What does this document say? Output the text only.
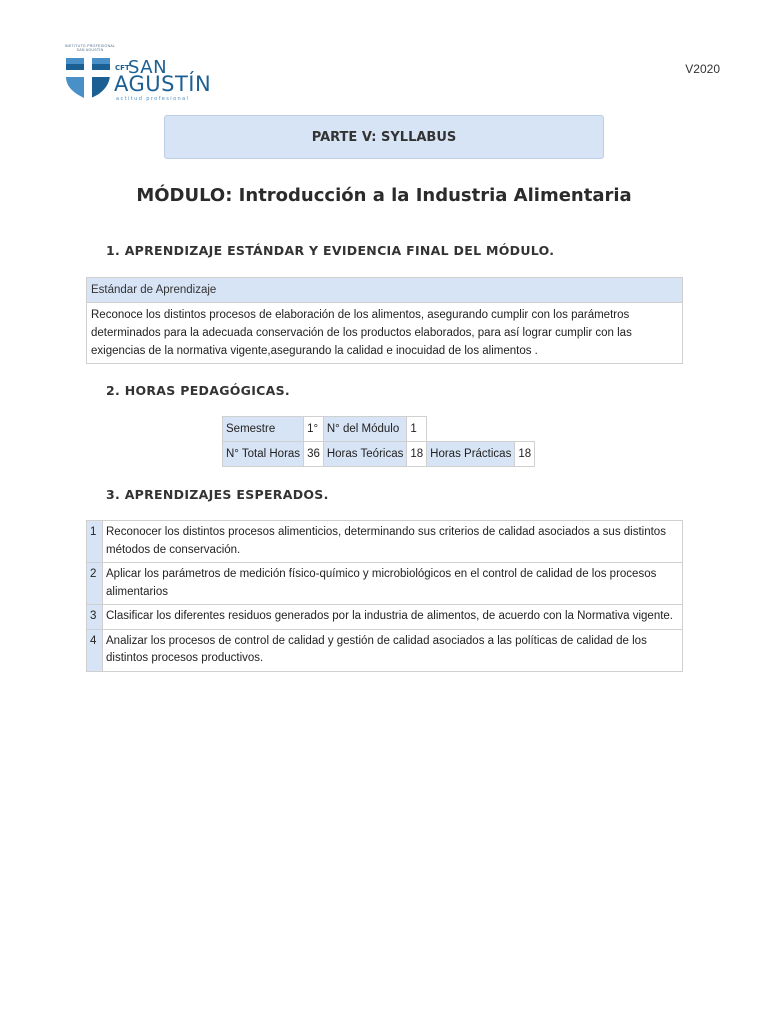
INSTITUTO PROFESIONAL SAN AGUSTÍN
CFT
SAN
AGUSTÍN
actitud profesional
V2020
PARTE V: SYLLABUS
MÓDULO: Introducción a la Industria Alimentaria
1. APRENDIZAJE ESTÁNDAR Y EVIDENCIA FINAL DEL MÓDULO.
Estándar de Aprendizaje
Reconoce los distintos procesos de elaboración de los alimentos, asegurando cumplir con los parámetros determinados para la adecuada conservación de los productos elaborados, para así lograr cumplir con las exigencias de la normativa vigente,asegurando la calidad e inocuidad de los alimentos .
2. HORAS PEDAGÓGICAS.
Semestre	1°	N° del Módulo	1		
N° Total Horas	36	Horas Teóricas	18	Horas Prácticas	18
3. APRENDIZAJES ESPERADOS.
1	Reconocer los distintos procesos alimenticios, determinando sus criterios de calidad asociados a sus distintos métodos de conservación.
2	Aplicar los parámetros de medición físico-químico y microbiológicos en el control de calidad de los procesos alimentarios
3	Clasificar los diferentes residuos generados por la industria de alimentos, de acuerdo con la Normativa vigente.
4	Analizar los procesos de control de calidad y gestión de calidad asociados a las políticas de calidad de los distintos procesos productivos.
